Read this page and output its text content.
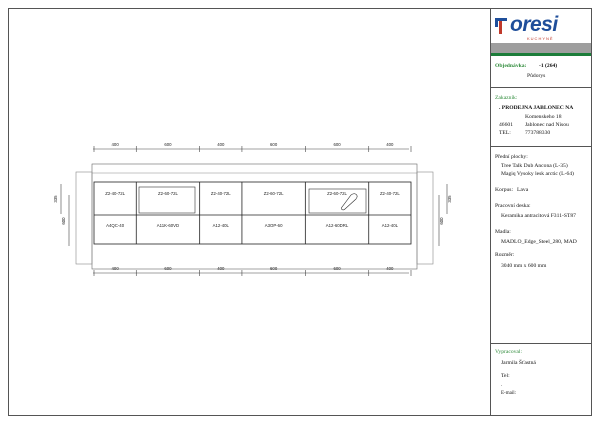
400	600	400	600	600	400
Z2-40-72L
A4QC-40
Z2-60-72L
A11K-60VD
Z2-40-72L
A12-40L
Z2-60-72L
A3OP-60
Z2-60-72L
A12-60DRL
Z2-40-72L
A12-40L
335
600	600
335
400	600	400	600	600	400
oresi
KUCHYNĚ
Objednávka: -1 (264)
Půdorys
Zakazník:
. PRODEJNA JABLONEC NA
Komenskeho 18
46601 Jablonec nad Nisou
TEL:	773788330
Přední plochy:
Tree Talk Dub Ancona (L-35)
Magiq Vysoky lesk arctic (L-64)
Korpus: Lava
Pracovní deska:
Keramika antracitová F311-ST87
Madla:
MADLO_Edge_Steel_280, MAD
Rozměr:
3040 mm x 600 mm
Vypracoval:
Jarmila Šťastná
Tel:
.
E-mail:
